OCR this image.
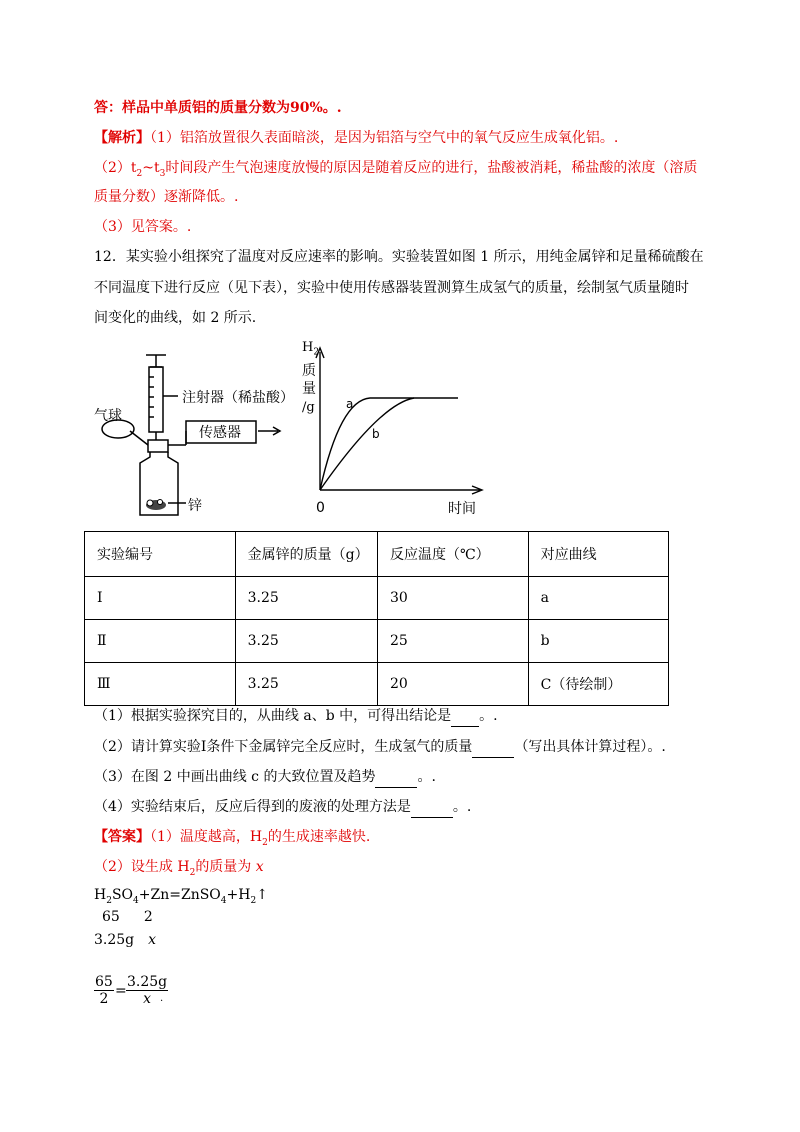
答：样品中单质铝的质量分数为90%。.
【解析】（1）铝箔放置很久表面暗淡，是因为铝箔与空气中的氧气反应生成氧化铝。.
$(2)t_2\sim t_3$时间段产生气泡速度放慢的原因是随着反应的进行，盐酸被消耗，稀盐酸的浓度（溶质
质量分数）逐渐降低。.
（3）见答案。.
12．某实验小组探究了温度对反应速率的影响。实验装置如图 1 所示，用纯金属锌和足量稀硫酸在
不同温度下进行反应（见下表），实验中使用传感器装置测算生成氢气的质量，绘制氢气质量随时
间变化的曲线，如 2 所示.
注射器（稀盐酸）
气球
传感器
锌
$H_2$
质
量
/g
0	时间
a
b
实验编号	金属锌的质量（g）	反应温度（℃）	对应曲线
Ⅰ	3.25	30	a
Ⅱ	3.25	25	b
Ⅲ	3.25	20	C（待绘制）
（1）根据实验探究目的，从曲线 a、b 中，可得出结论是 。.
（2）请计算实验Ⅰ条件下金属锌完全反应时，生成氢气的质量	（写出具体计算过程）。.
（3）在图 2 中画出曲线 c 的大致位置及趋势	。.
（4）实验结束后，反应后得到的废液的处理方法是	。.
【答案】（1）温度越高，$H_2$的生成速率越快.
（2）设生成 $H_2$的质量为 x
$H_2SO_4+Zn=ZnSO_4+H_2↑$
65 2
3.25g x
$\frac{65}{2} = \frac{3.25g}{x}$
.
